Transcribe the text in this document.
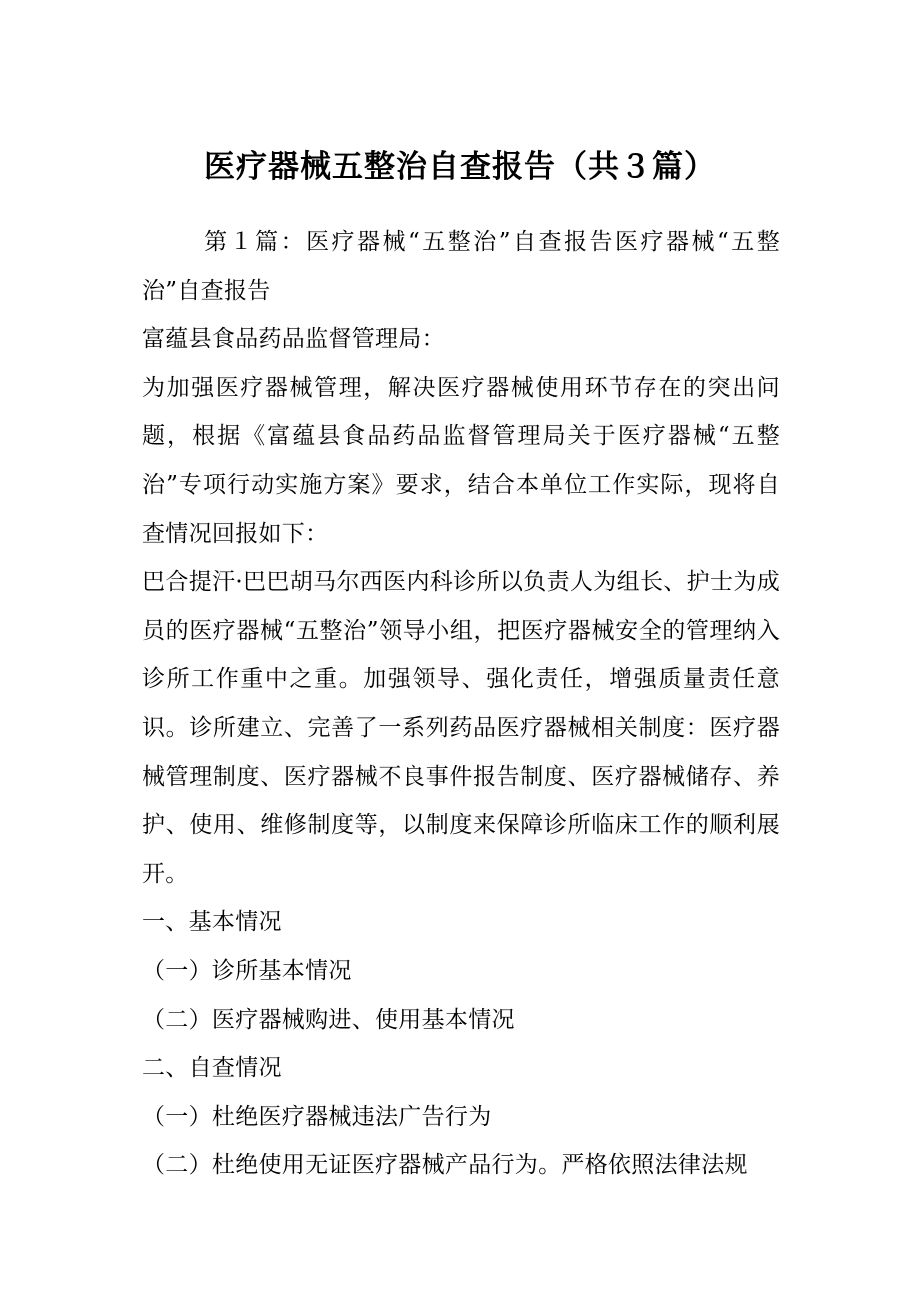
医疗器械五整治自查报告（共３篇）

第１篇：医疗器械“五整治”自查报告医疗器械“五整治”自查报告

富蕴县食品药品监督管理局：

为加强医疗器械管理，解决医疗器械使用环节存在的突出问题，根据《富蕴县食品药品监督管理局关于医疗器械“五整治”专项行动实施方案》要求，结合本单位工作实际，现将自查情况回报如下：

巴合提汗·巴巴胡马尔西医内科诊所以负责人为组长、护士为成员的医疗器械“五整治”领导小组，把医疗器械安全的管理纳入诊所工作重中之重。加强领导、强化责任，增强质量责任意识。诊所建立、完善了一系列药品医疗器械相关制度：医疗器械管理制度、医疗器械不良事件报告制度、医疗器械储存、养护、使用、维修制度等，以制度来保障诊所临床工作的顺利展开。

一、基本情况

（一）诊所基本情况

（二）医疗器械购进、使用基本情况

二、自查情况

（一）杜绝医疗器械违法广告行为

（二）杜绝使用无证医疗器械产品行为。严格依照法律法规
